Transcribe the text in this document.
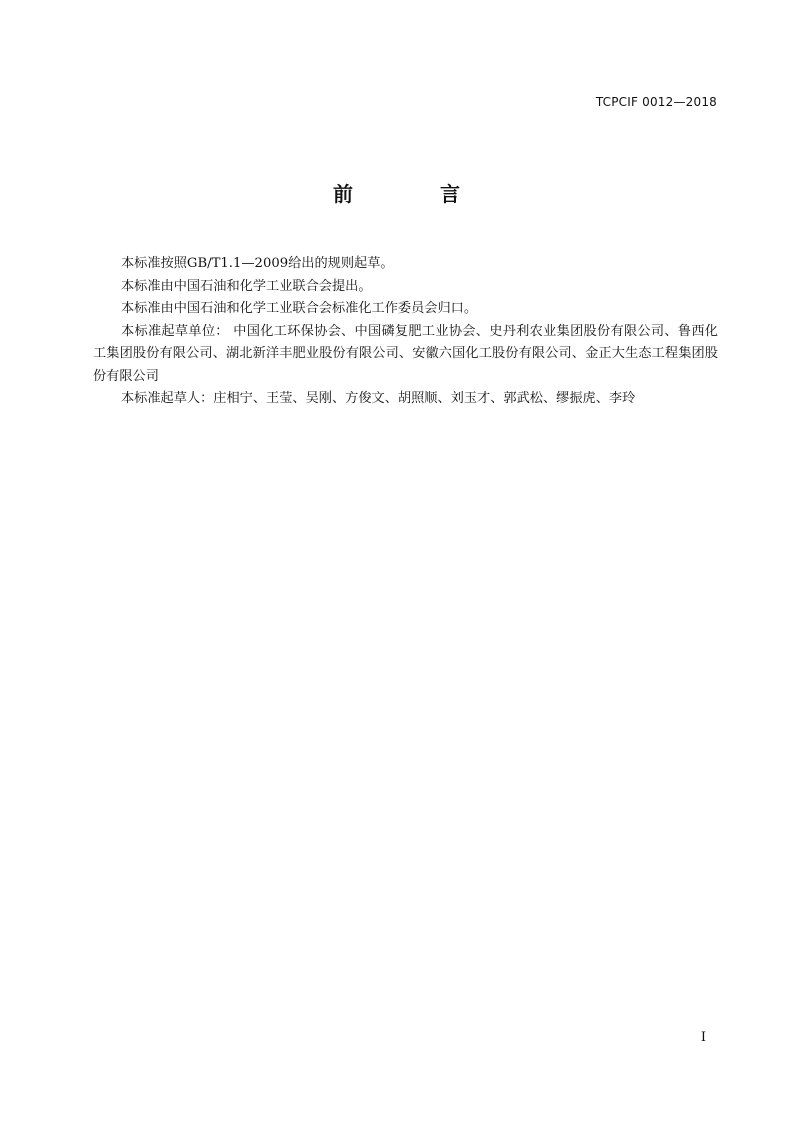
TCPCIF 0012—2018
前 言

本标准按照GB/T1.1—2009给出的规则起草。

本标准由中国石油和化学工业联合会提出。

本标准由中国石油和化学工业联合会标准化工作委员会归口。

本标准起草单位： 中国化工环保协会、中国磷复肥工业协会、史丹利农业集团股份有限公司、鲁西化工集团股份有限公司、湖北新洋丰肥业股份有限公司、安徽六国化工股份有限公司、金正大生态工程集团股份有限公司

本标准起草人：庄相宁、王莹、吴刚、方俊文、胡照顺、刘玉才、郭武松、缪振虎、李玲

I
